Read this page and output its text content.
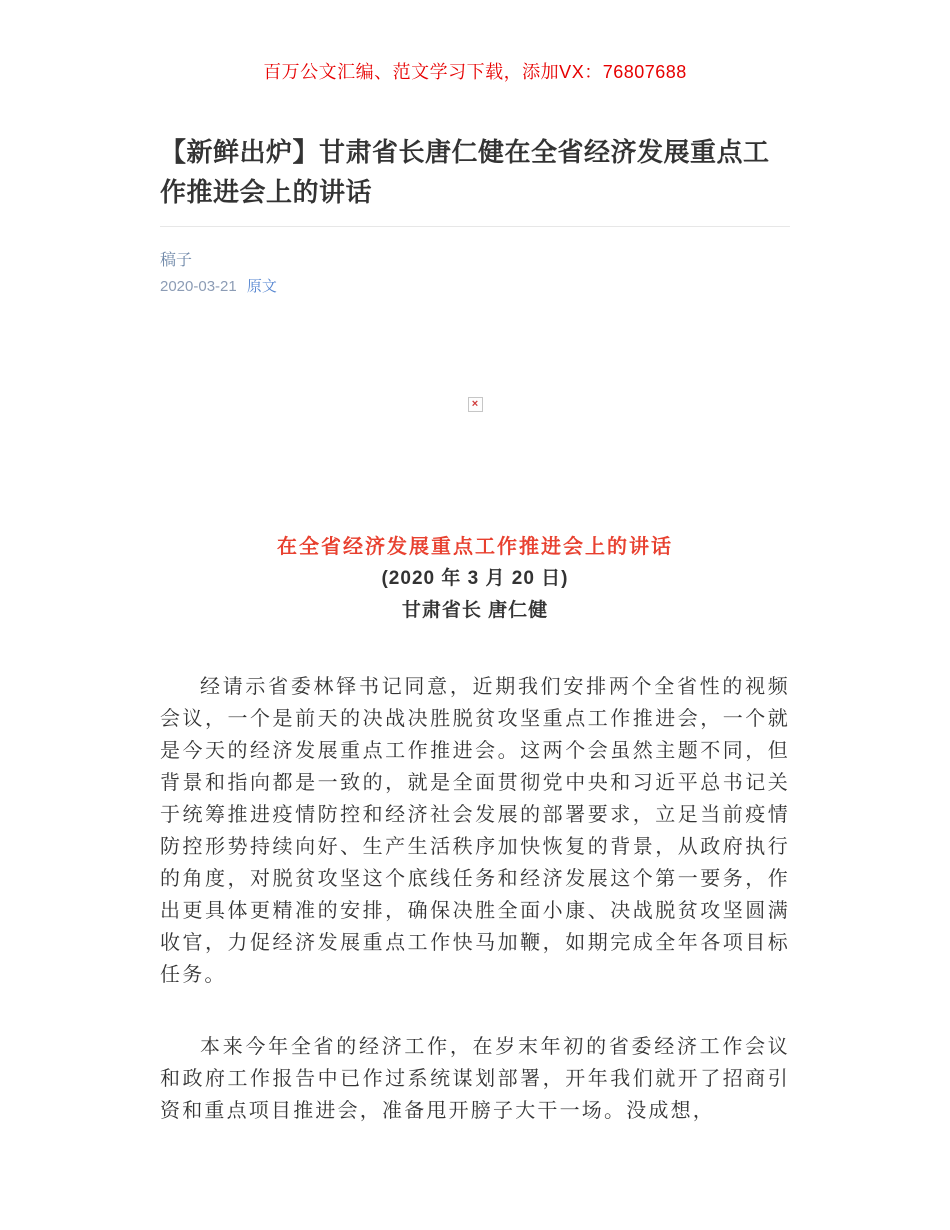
百万公文汇编、范文学习下载，添加VX：76807688
【新鲜出炉】甘肃省长唐仁健在全省经济发展重点工作推进会上的讲话
稿子
2020-03-21 原文
×
在全省经济发展重点工作推进会上的讲话
(2020 年 3 月 20 日)
甘肃省长 唐仁健

经请示省委林铎书记同意，近期我们安排两个全省性的视频会议，一个是前天的决战决胜脱贫攻坚重点工作推进会，一个就是今天的经济发展重点工作推进会。这两个会虽然主题不同，但背景和指向都是一致的，就是全面贯彻党中央和习近平总书记关于统筹推进疫情防控和经济社会发展的部署要求，立足当前疫情防控形势持续向好、生产生活秩序加快恢复的背景，从政府执行的角度，对脱贫攻坚这个底线任务和经济发展这个第一要务，作出更具体更精准的安排，确保决胜全面小康、决战脱贫攻坚圆满收官，力促经济发展重点工作快马加鞭，如期完成全年各项目标任务。

本来今年全省的经济工作，在岁末年初的省委经济工作会议和政府工作报告中已作过系统谋划部署，开年我们就开了招商引资和重点项目推进会，准备甩开膀子大干一场。没成想，
